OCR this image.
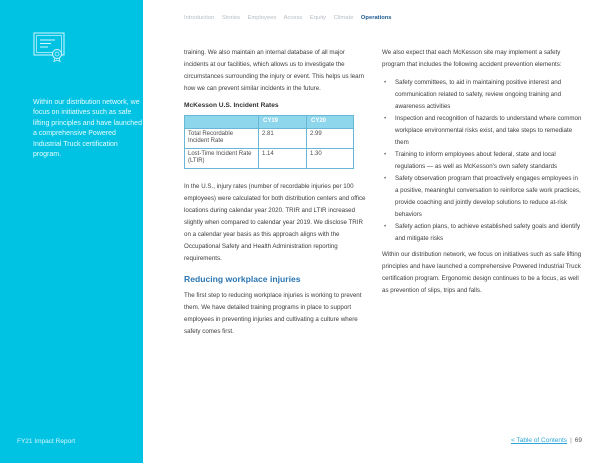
Within our distribution network, we focus on initiatives such as safe lifting principles and have launched a comprehensive Powered Industrial Truck certification program.

FY21 Impact Report
Introduction Stories Employees Access Equity Climate Operations

training. We also maintain an internal database of all major incidents at our facilities, which allows us to investigate the circumstances surrounding the injury or event. This helps us learn how we can prevent similar incidents in the future.

McKesson U.S. Incident Rates
	CY19	CY20
Total Recordable Incident Rate	2.81	2.99
Lost-Time Incident Rate (LTIR)	1.14	1.30

In the U.S., injury rates (number of recordable injuries per 100 employees) were calculated for both distribution centers and office locations during calendar year 2020. TRIR and LTIR increased slightly when compared to calendar year 2019. We disclose TRIR on a calendar year basis as this approach aligns with the Occupational Safety and Health Administration reporting requirements.

Reducing workplace injuries

The first step to reducing workplace injuries is working to prevent them. We have detailed training programs in place to support employees in preventing injuries and cultivating a culture where safety comes first.

We also expect that each McKesson site may implement a safety program that includes the following accident prevention elements:

• Safety committees, to aid in maintaining positive interest and communication related to safety, review ongoing training and awareness activities
• Inspection and recognition of hazards to understand where common workplace environmental risks exist, and take steps to remediate them
• Training to inform employees about federal, state and local regulations — as well as McKesson's own safety standards
• Safety observation program that proactively engages employees in a positive, meaningful conversation to reinforce safe work practices, provide coaching and jointly develop solutions to reduce at-risk behaviors
• Safety action plans, to achieve established safety goals and identify and mitigate risks

Within our distribution network, we focus on initiatives such as safe lifting principles and have launched a comprehensive Powered Industrial Truck certification program. Ergonomic design continues to be a focus, as well as prevention of slips, trips and falls.

< Table of Contents | 69
